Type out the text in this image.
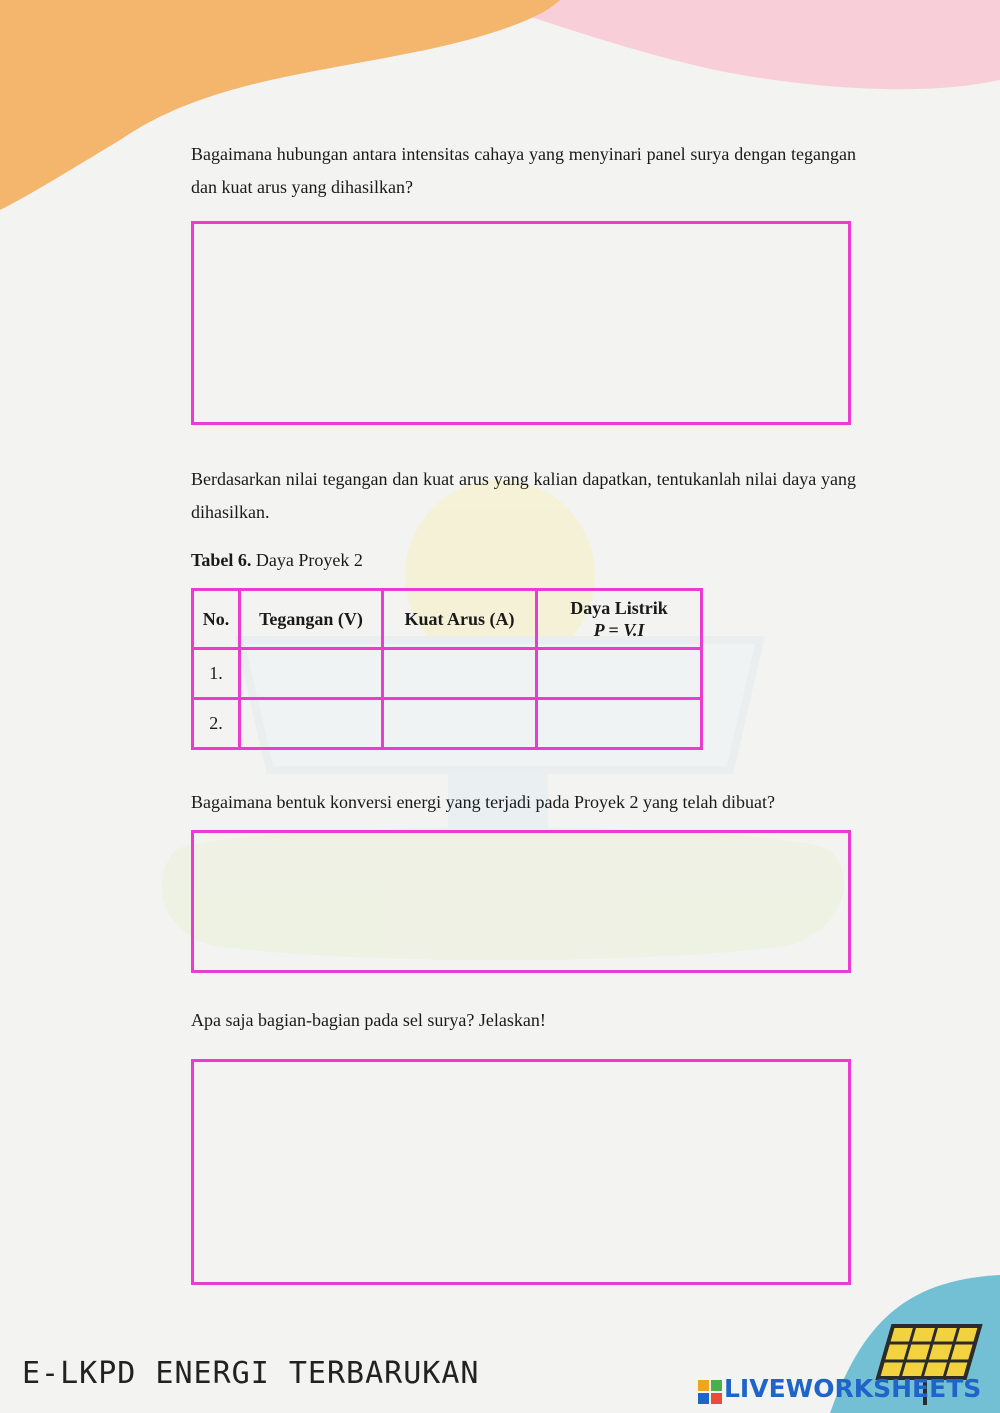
Bagaimana hubungan antara intensitas cahaya yang menyinari panel surya dengan tegangan dan kuat arus yang dihasilkan?

Berdasarkan nilai tegangan dan kuat arus yang kalian dapatkan, tentukanlah nilai daya yang dihasilkan.

Tabel 6. Daya Proyek 2
No.	Tegangan (V)	Kuat Arus (A)	Daya Listrik
P = V.I

1.			
2.			

Bagaimana bentuk konversi energi yang terjadi pada Proyek 2 yang telah dibuat?

Apa saja bagian-bagian pada sel surya? Jelaskan!

E-LKPD ENERGI TERBARUKAN	LIVEWORKSHEETS
